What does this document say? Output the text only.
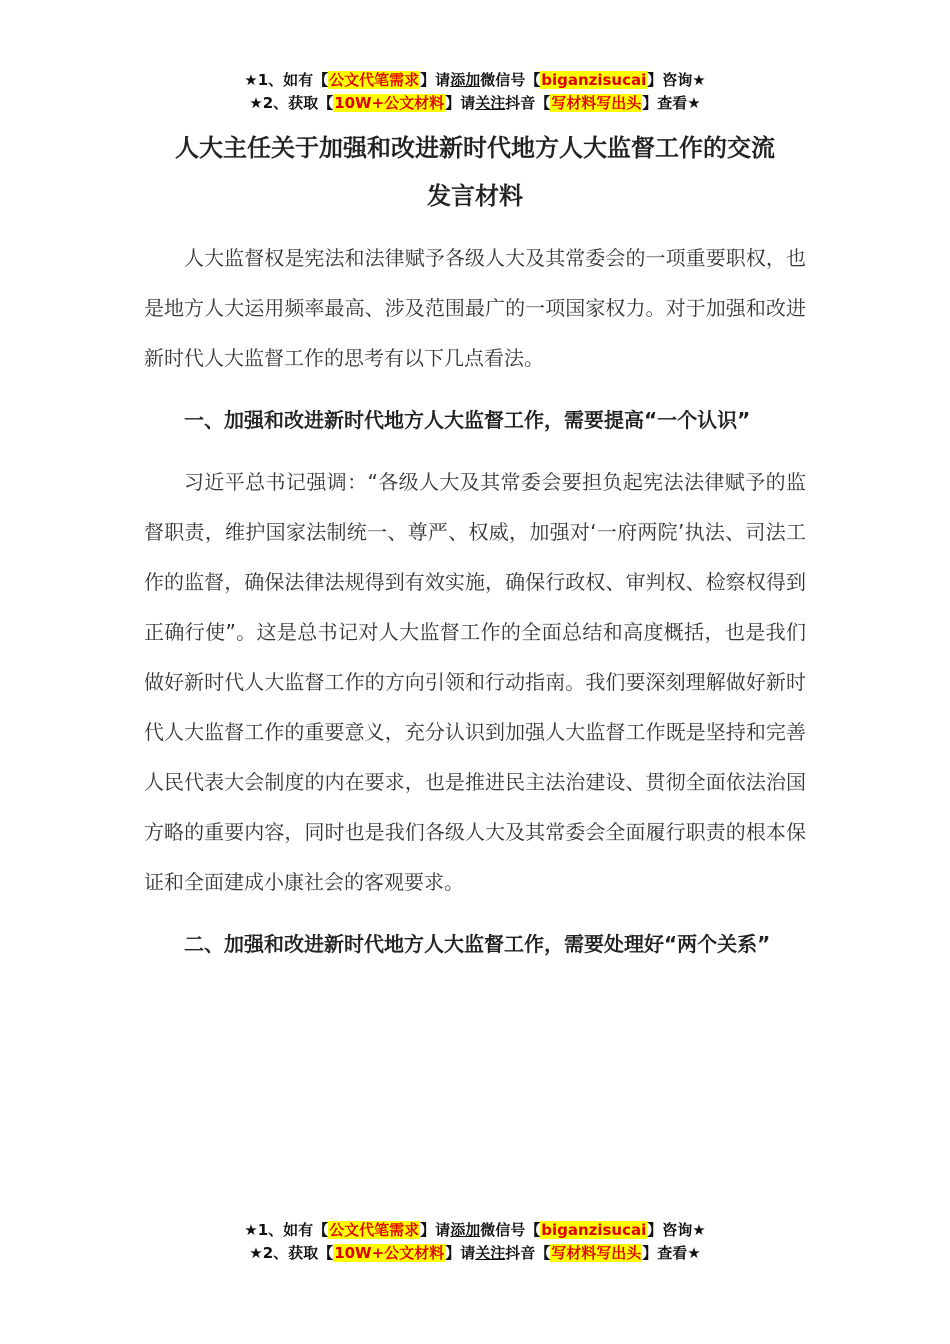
★1、如有【公文代笔需求】请添加微信号【biganzisucai】咨询★
★2、获取【10W+公文材料】请关注抖音【写材料写出头】查看★
人大主任关于加强和改进新时代地方人大监督工作的交流
发言材料

人大监督权是宪法和法律赋予各级人大及其常委会的一项重要职权，也是地方人大运用频率最高、涉及范围最广的一项国家权力。对于加强和改进新时代人大监督工作的思考有以下几点看法。

一、加强和改进新时代地方人大监督工作，需要提高“一个认识”

习近平总书记强调：“各级人大及其常委会要担负起宪法法律赋予的监督职责，维护国家法制统一、尊严、权威，加强对‘一府两院’执法、司法工作的监督，确保法律法规得到有效实施，确保行政权、审判权、检察权得到正确行使”。这是总书记对人大监督工作的全面总结和高度概括，也是我们做好新时代人大监督工作的方向引领和行动指南。我们要深刻理解做好新时代人大监督工作的重要意义，充分认识到加强人大监督工作既是坚持和完善人民代表大会制度的内在要求，也是推进民主法治建设、贯彻全面依法治国方略的重要内容，同时也是我们各级人大及其常委会全面履行职责的根本保证和全面建成小康社会的客观要求。

二、加强和改进新时代地方人大监督工作，需要处理好“两个关系”

★1、如有【公文代笔需求】请添加微信号【biganzisucai】咨询★
★2、获取【10W+公文材料】请关注抖音【写材料写出头】查看★
